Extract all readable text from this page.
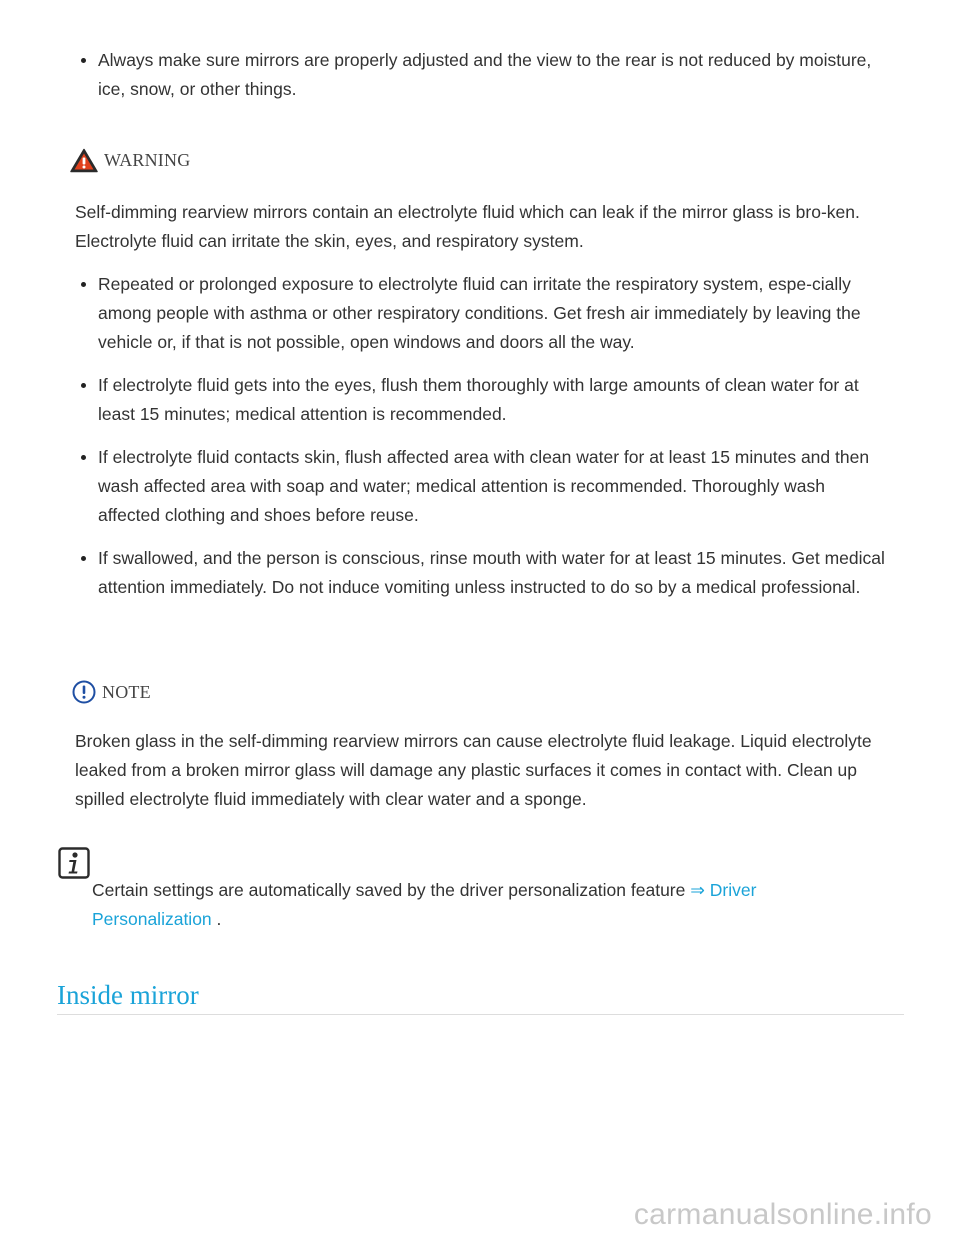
Always make sure mirrors are properly adjusted and the view to the rear is not reduced by moisture, ice, snow, or other things.
WARNING

Self-dimming rearview mirrors contain an electrolyte fluid which can leak if the mirror glass is bro-ken. Electrolyte fluid can irritate the skin, eyes, and respiratory system.

Repeated or prolonged exposure to electrolyte fluid can irritate the respiratory system, espe-cially among people with asthma or other respiratory conditions. Get fresh air immediately by leaving the vehicle or, if that is not possible, open windows and doors all the way.
If electrolyte fluid gets into the eyes, flush them thoroughly with large amounts of clean water for at least 15 minutes; medical attention is recommended.
If electrolyte fluid contacts skin, flush affected area with clean water for at least 15 minutes and then wash affected area with soap and water; medical attention is recommended. Thoroughly wash affected clothing and shoes before reuse.
If swallowed, and the person is conscious, rinse mouth with water for at least 15 minutes. Get medical attention immediately. Do not induce vomiting unless instructed to do so by a medical professional.
NOTE

Broken glass in the self-dimming rearview mirrors can cause electrolyte fluid leakage. Liquid electrolyte leaked from a broken mirror glass will damage any plastic surfaces it comes in contact with. Clean up spilled electrolyte fluid immediately with clear water and a sponge.

Certain settings are automatically saved by the driver personalization feature ⇒ Driver Personalization .

Inside mirror
carmanualsonline.info
